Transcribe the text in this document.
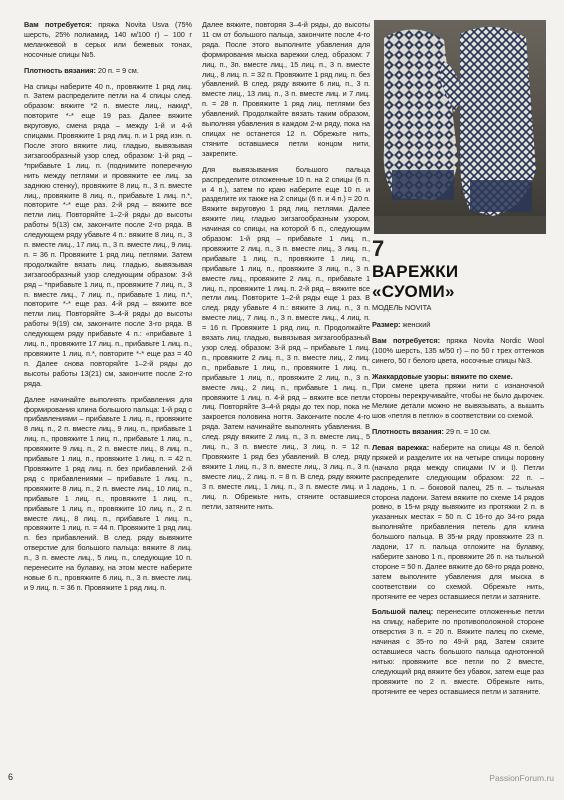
Вам потребуется: пряжа Novita Usva (75% шерсть, 25% полиамид, 140 м/100 г) – 100 г меланжевой в серых или бежевых тонах, носочные спицы №5.

Плотность вязания: 20 п. = 9 см.

На спицы наберите 40 п., провяжите 1 ряд лиц. п. Затем распределите петли на 4 спицы след. образом: вяжите *2 п. вместе лиц., накид*, повторите *-* еще 19 раз. Далее вяжите вкруговую, смена ряда – между 1-й и 4-й спицами. Провяжите 1 ряд лиц. п. и 1 ряд изн. п. После этого вяжите лиц. гладью, вывязывая зигзагообразный узор след. образом: 1-й ряд – *прибавьте 1 лиц. п. (поднимите поперечную нить между петлями и провяжите ее лиц. за заднюю стенку), провяжите 8 лиц. п., 3 п. вместе лиц., провяжите 8 лиц. п., прибавьте 1 лиц. п.*, повторите *-* еще раз. 2-й ряд – вяжите все петли лиц. Повторяйте 1–2-й ряды до высоты работы 5(13) см, закончите после 2-го ряда. В следующем ряду убавьте 4 п.: вяжите 8 лиц. п., 3 п. вместе лиц., 17 лиц. п., 3 п. вместе лиц., 9 лиц. п. = 36 п. Провяжите 1 ряд лиц. петлями. Затем продолжайте вязать лиц. гладью, вывязывая зигзагообразный узор следующим образом: 3-й ряд – *прибавьте 1 лиц. п., провяжите 7 лиц. п., 3 п. вместе лиц., 7 лиц. п., прибавьте 1 лиц. п.*, повторите *-* еще раз. 4-й ряд – вяжите все петли лиц. Повторяйте 3–4-й ряды до высоты работы 9(19) см, закончите после 3-го ряда. В следующем ряду прибавьте 4 п.: «прибавьте 1 лиц. п., провяжите 17 лиц. п., прибавьте 1 лиц. п., провяжите 1 лиц. п.*, повторите *-* еще раз = 40 п. Далее снова повторяйте 1–2-й ряды до высоты работы 13(21) см, закончите после 2-го ряда.

Далее начинайте выполнять прибавления для формирования клина большого пальца: 1-й ряд с прибавлениями – прибавьте 1 лиц. п., провяжите 8 лиц. п., 2 п. вместе лиц., 9 лиц. п., прибавьте 1 лиц. п., провяжите 1 лиц. п., прибавьте 1 лиц. п., провяжите 9 лиц. п., 2 п. вместе лиц., 8 лиц. п., прибавьте 1 лиц. п., провяжите 1 лиц. п. = 42 п. Провяжите 1 ряд лиц. п. без прибавлений. 2-й ряд с прибавлениями – прибавьте 1 лиц. п., провяжите 8 лиц. п., 2 п. вместе лиц., 10 лиц. п., прибавьте 1 лиц. п., провяжите 1 лиц. п., прибавьте 1 лиц. п., провяжите 10 лиц. п., 2 п. вместе лиц., 8 лиц. п., прибавьте 1 лиц. п., провяжите 1 лиц. п. = 44 п. Провяжите 1 ряд лиц. п. без прибавлений. В след. ряду вывяжите отверстие для большого пальца: вяжите 8 лиц. п., 3 п. вместе лиц., 5 лиц. п., следующие 10 п. перенесите на булавку, на этом месте наберите новые 6 п., провяжите 6 лиц. п., 3 п. вместе лиц. и 9 лиц. п. = 36 п. Провяжите 1 ряд лиц. п.

Далее вяжите, повторяя 3–4-й ряды, до высоты 11 см от большого пальца, закончите после 4-го ряда. После этого выполните убавления для формирования мыска варежки след. образом: 7 лиц. п., 3п. вместе лиц., 15 лиц. п., 3 п. вместе лиц., 8 лиц. п. = 32 п. Провяжите 1 ряд лиц. п. без убавлений. В след. ряду вяжите 6 лиц. п., 3 п. вместе лиц., 13 лиц. п., 3 п. вместе лиц. и 7 лиц. п. = 28 п. Провяжите 1 ряд лиц. петлями без убавлений. Продолжайте вязать таким образом, выполняя убавления в каждом 2-м ряду, пока на спицах не останется 12 п. Обрежьте нить, стяните оставшиеся петли концом нити, закрепите.

Для вывязывания большого пальца распределите отложенные 10 п. на 2 спицы (6 п. и 4 п.), затем по краю наберите еще 10 п. и разделите их также на 2 спицы (6 п. и 4 п.) = 20 п. Вяжите вкруговую 1 ряд лиц. петлями. Далее вяжите лиц. гладью зигзагообразным узором, начиная со спицы, на которой 6 п., следующим образом: 1-й ряд – прибавьте 1 лиц. п., провяжите 2 лиц. п., 3 п. вместе лиц., 3 лиц. п., прибавьте 1 лиц. п., провяжите 1 лиц. п., прибавьте 1 лиц. п., провяжите 3 лиц. п., 3 п. вместе лиц., провяжите 2 лиц. п., прибавьте 1 лиц. п., провяжите 1 лиц. п. 2-й ряд – вяжите все петли лиц. Повторите 1–2-й ряды еще 1 раз. В след. ряду убавьте 4 п.: вяжите 3 лиц. п., 3 п. вместе лиц., 7 лиц. п., 3 п. вместе лиц., 4 лиц. п. = 16 п. Провяжите 1 ряд лиц. п. Продолжайте вязать лиц. гладью, вывязывая зигзагообразный узор след. образом: 3-й ряд – прибавьте 1 лиц. п., провяжите 2 лиц. п., 3 п. вместе лиц., 2 лиц. п., прибавьте 1 лиц. п., провяжите 1 лиц. п., прибавьте 1 лиц. п., провяжите 2 лиц. п., 3 п. вместе лиц., 2 лиц. п., прибавьте 1 лиц. п., провяжите 1 лиц. п. 4-й ряд – вяжите все петли лиц. Повторяйте 3–4-й ряды до тех пор, пока не закроется половина ногтя. Закончите после 4-го ряда. Затем начинайте выполнять убавления. В след. ряду вяжите 2 лиц. п., 3 п. вместе лиц., 5 лиц. п., 3 п. вместе лиц., 3 лиц. п. = 12 п. Провяжите 1 ряд без убавлений. В след. ряду вяжите 1 лиц. п., 3 п. вместе лиц., 3 лиц. п., 3 п. вместе лиц., 2 лиц. п. = 8 п. В след. ряду вяжите 3 п. вместе лиц., 1 лиц. п., 3 п. вместе лиц. и 1 лиц. п. Обрежьте нить, стяните оставшиеся петли, затяните нить.

7
ВАРЕЖКИ «СУОМИ»
МОДЕЛЬ NOVITA

Размер: женский

Вам потребуется: пряжа Novita Nordic Wool (100% шерсть, 135 м/50 г) – по 50 г трех оттенков синего, 50 г белого цвета, носочные спицы №3.

Жаккардовые узоры: вяжите по схеме.
При смене цвета пряжи нити с изнаночной стороны перекручивайте, чтобы не было дырочек. Мелкие детали можно не вывязывать, а вышить шов «петля в петлю» в соответствии со схемой.

Плотность вязания: 29 п. = 10 см.

Левая варежка: наберите на спицы 48 п. белой пряжей и разделите их на четыре спицы поровну (начало ряда между спицами IV и I). Петли распределите следующим образом: 22 п. – ладонь, 1 п. – боковой палец, 25 п. – тыльная сторона ладони. Затем вяжите по схеме 14 рядов ровно, в 15-м ряду вывяжите из протяжки 2 п. в указанных местах = 50 п. С 16-го до 34-го ряда выполняйте прибавления петель для клина большого пальца. В 35-м ряду провяжите 23 п. ладони, 17 п. пальца отложите на булавку, наберите заново 1 п., провяжите 26 п. на тыльной стороне = 50 п. Далее вяжите до 68-го ряда ровно, затем выполните убавления для мыска в соответствии со схемой. Обрежьте нить, протяните ее через оставшиеся петли и затяните.

Большой палец: перенесите отложенные петли на спицу, наберите по противоположной стороне отверстия 3 п. = 20 п. Вяжите палец по схеме, начиная с 35-го по 49-й ряд. Затем сязите оставшиеся часть большого пальца однотонной нитью: провяжите все петли по 2 вместе, следующий ряд вяжите без убавок, затем еще раз провяжите по 2 п. вместе. Обрежьте нить, протяните ее через оставшиеся петли и затяните.

6	PassionForum.ru
